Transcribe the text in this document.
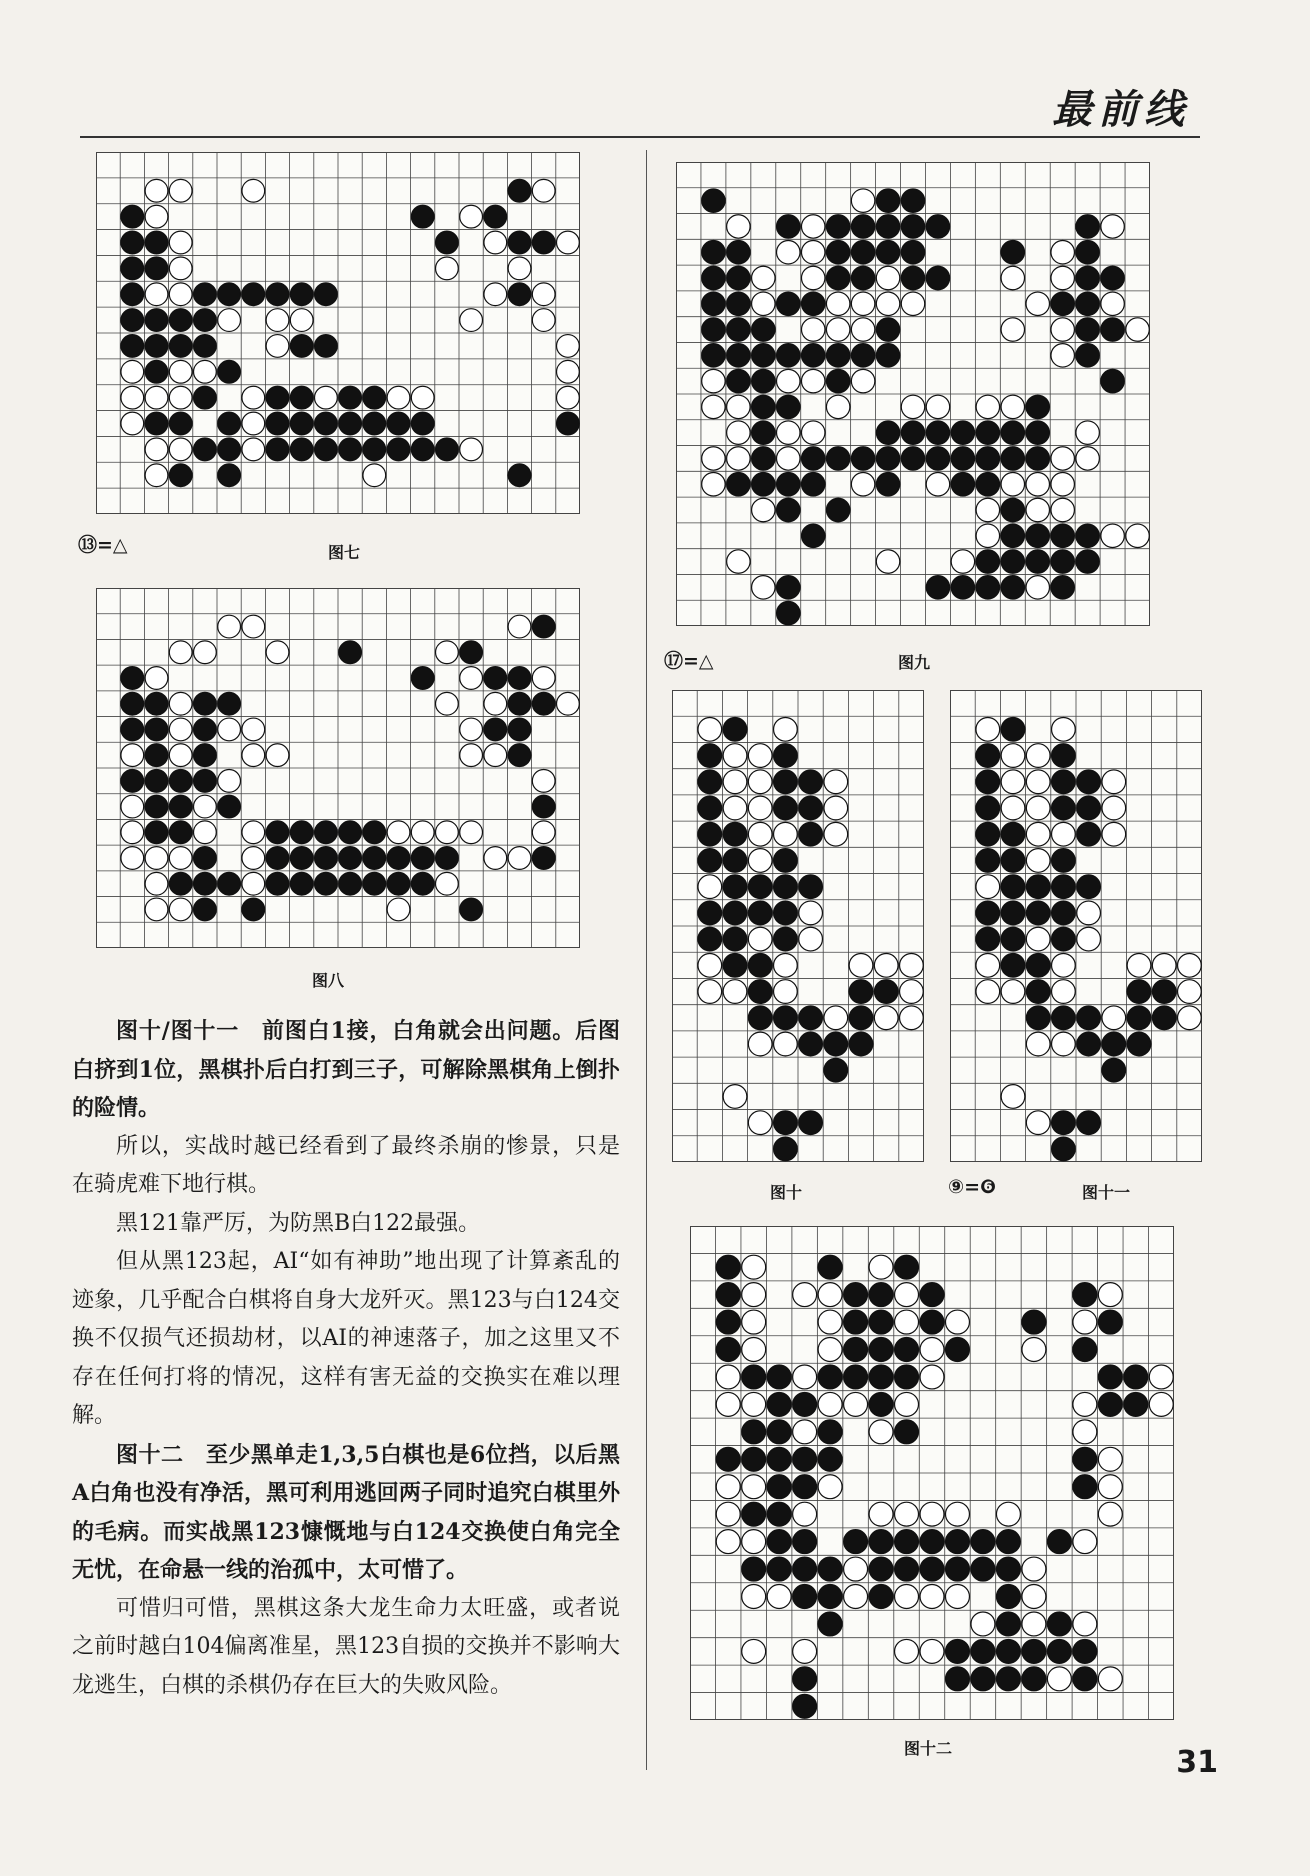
最前线
⑬=△	图七
图八
⑰=△	图九
图十	⑨=❻	图十一
图十二

图十/图十一　前图白1接，白角就会出问题。后图白挤到1位，黑棋扑后白打到三子，可解除黑棋角上倒扑的险情。

所以，实战时越已经看到了最终杀崩的惨景，只是在骑虎难下地行棋。

黑121靠严厉，为防黑B白122最强。

但从黑123起，AI“如有神助”地出现了计算紊乱的迹象，几乎配合白棋将自身大龙歼灭。黑123与白124交换不仅损气还损劫材，以AI的神速落子，加之这里又不存在任何打将的情况，这样有害无益的交换实在难以理解。

图十二　至少黑单走1,3,5白棋也是6位挡，以后黑A白角也没有净活，黑可利用逃回两子同时追究白棋里外的毛病。而实战黑123慷慨地与白124交换使白角完全无忧，在命悬一线的治孤中，太可惜了。

可惜归可惜，黑棋这条大龙生命力太旺盛，或者说之前时越白104偏离准星，黑123自损的交换并不影响大龙逃生，白棋的杀棋仍存在巨大的失败风险。

31
